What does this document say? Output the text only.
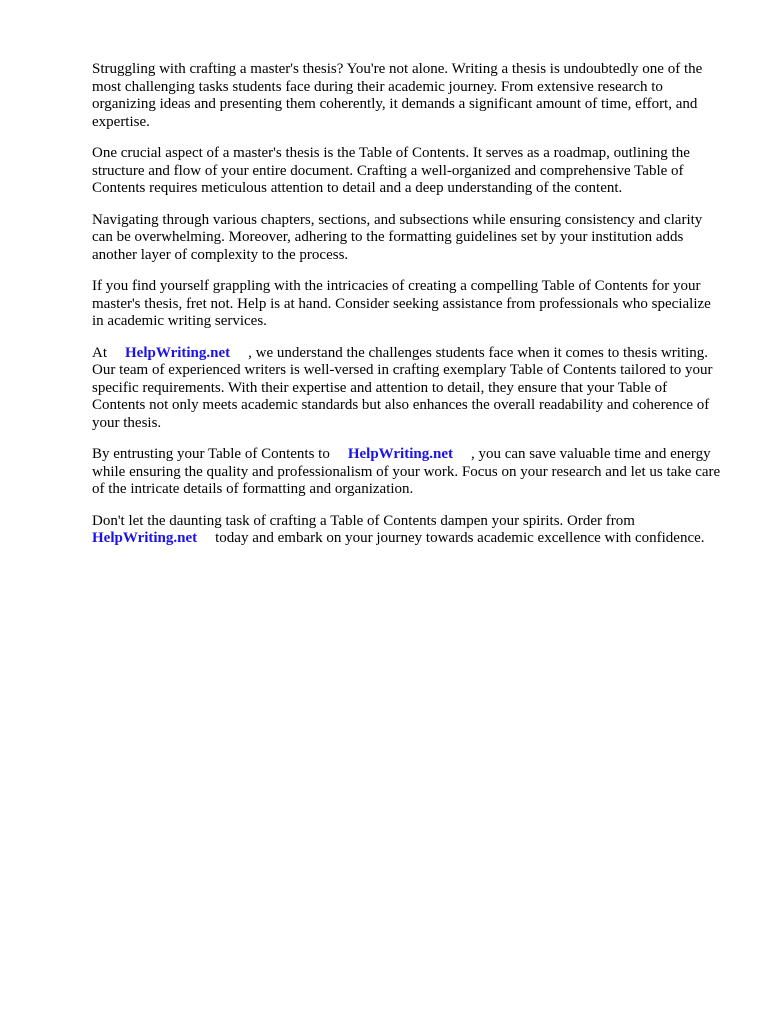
Struggling with crafting a master's thesis? You're not alone. Writing a thesis is undoubtedly one of the most challenging tasks students face during their academic journey. From extensive research to organizing ideas and presenting them coherently, it demands a significant amount of time, effort, and expertise.

One crucial aspect of a master's thesis is the Table of Contents. It serves as a roadmap, outlining the structure and flow of your entire document. Crafting a well-organized and comprehensive Table of Contents requires meticulous attention to detail and a deep understanding of the content.

Navigating through various chapters, sections, and subsections while ensuring consistency and clarity can be overwhelming. Moreover, adhering to the formatting guidelines set by your institution adds another layer of complexity to the process.

If you find yourself grappling with the intricacies of creating a compelling Table of Contents for your master's thesis, fret not. Help is at hand. Consider seeking assistance from professionals who specialize in academic writing services.

At HelpWriting.net , we understand the challenges students face when it comes to thesis writing. Our team of experienced writers is well-versed in crafting exemplary Table of Contents tailored to your specific requirements. With their expertise and attention to detail, they ensure that your Table of Contents not only meets academic standards but also enhances the overall readability and coherence of your thesis.

By entrusting your Table of Contents to HelpWriting.net , you can save valuable time and energy while ensuring the quality and professionalism of your work. Focus on your research and let us take care of the intricate details of formatting and organization.

Don't let the daunting task of crafting a Table of Contents dampen your spirits. Order from HelpWriting.net today and embark on your journey towards academic excellence with confidence.
